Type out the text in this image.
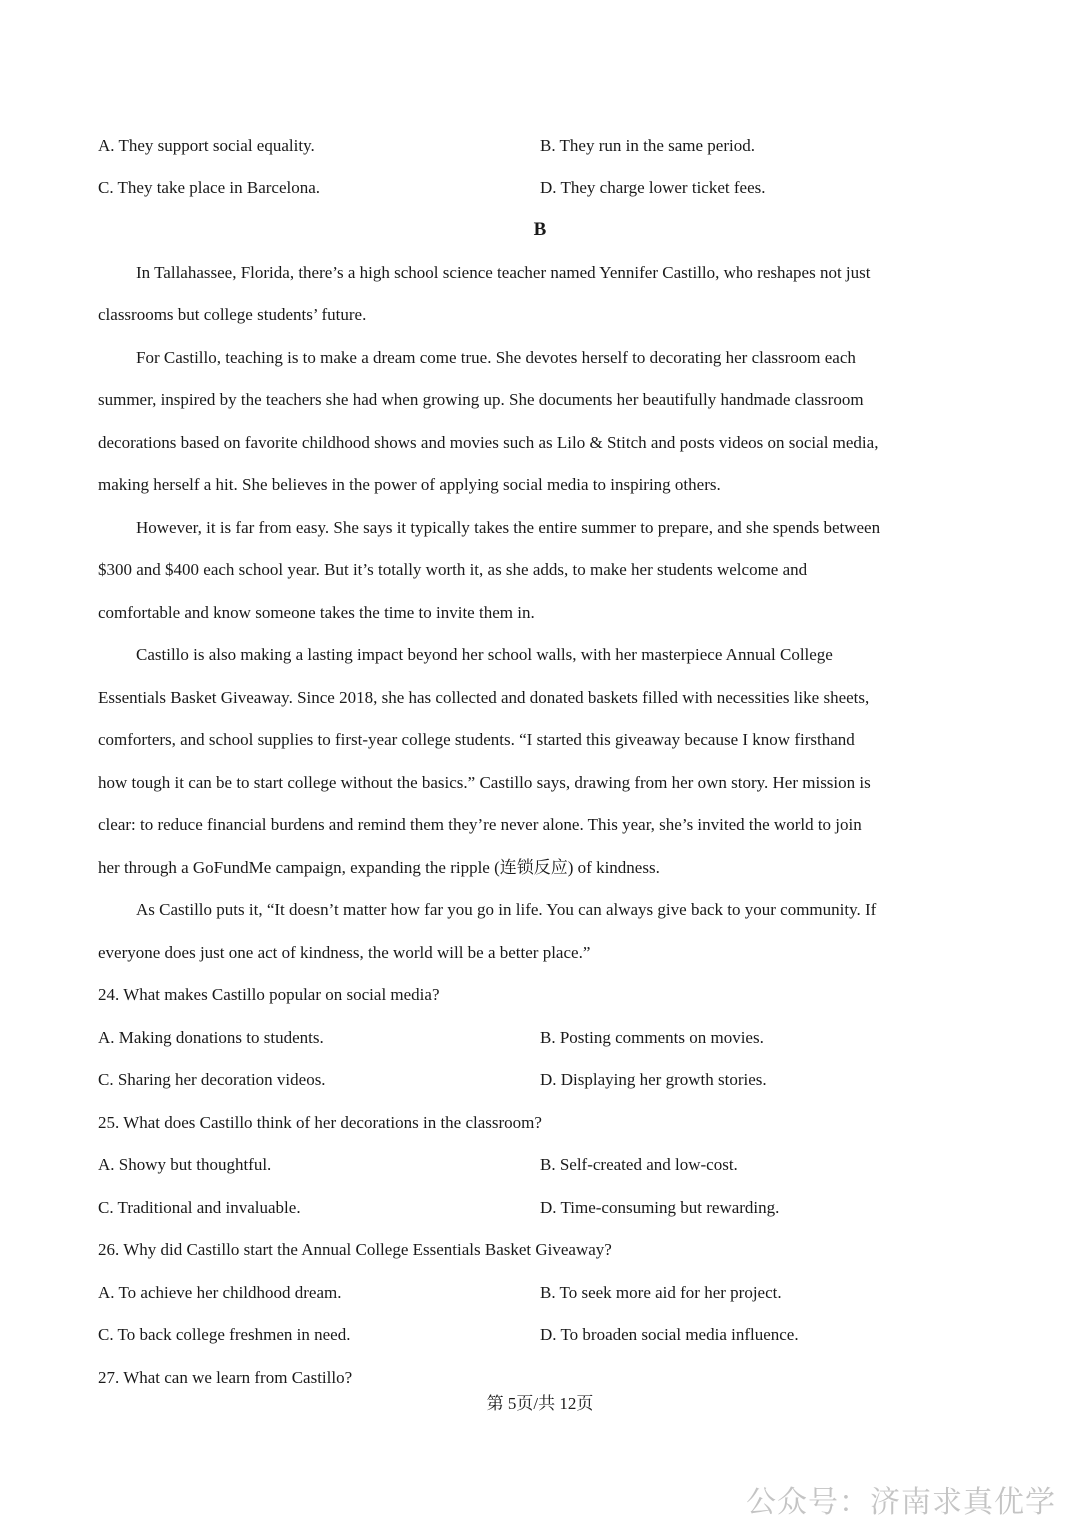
A. They support social equality.	B. They run in the same period.
C. They take place in Barcelona.	D. They charge lower ticket fees.
B
In Tallahassee, Florida, there’s a high school science teacher named Yennifer Castillo, who reshapes not just
classrooms but college students’ future.
For Castillo, teaching is to make a dream come true. She devotes herself to decorating her classroom each
summer, inspired by the teachers she had when growing up. She documents her beautifully handmade classroom
decorations based on favorite childhood shows and movies such as Lilo & Stitch and posts videos on social media,
making herself a hit. She believes in the power of applying social media to inspiring others.
However, it is far from easy. She says it typically takes the entire summer to prepare, and she spends between
$300 and $400 each school year. But it’s totally worth it, as she adds, to make her students welcome and
comfortable and know someone takes the time to invite them in.
Castillo is also making a lasting impact beyond her school walls, with her masterpiece Annual College
Essentials Basket Giveaway. Since 2018, she has collected and donated baskets filled with necessities like sheets,
comforters, and school supplies to first-year college students. “I started this giveaway because I know firsthand
how tough it can be to start college without the basics.” Castillo says, drawing from her own story. Her mission is
clear: to reduce financial burdens and remind them they’re never alone. This year, she’s invited the world to join
her through a GoFundMe campaign, expanding the ripple (连锁反应) of kindness.
As Castillo puts it, “It doesn’t matter how far you go in life. You can always give back to your community. If
everyone does just one act of kindness, the world will be a better place.”
24. What makes Castillo popular on social media?
A. Making donations to students.	B. Posting comments on movies.
C. Sharing her decoration videos.	D. Displaying her growth stories.
25. What does Castillo think of her decorations in the classroom?
A. Showy but thoughtful.	B. Self-created and low-cost.
C. Traditional and invaluable.	D. Time-consuming but rewarding.
26. Why did Castillo start the Annual College Essentials Basket Giveaway?
A. To achieve her childhood dream.	B. To seek more aid for her project.
C. To back college freshmen in need.	D. To broaden social media influence.
27. What can we learn from Castillo?
第 5页/共 12页
公众号：济南求真优学
